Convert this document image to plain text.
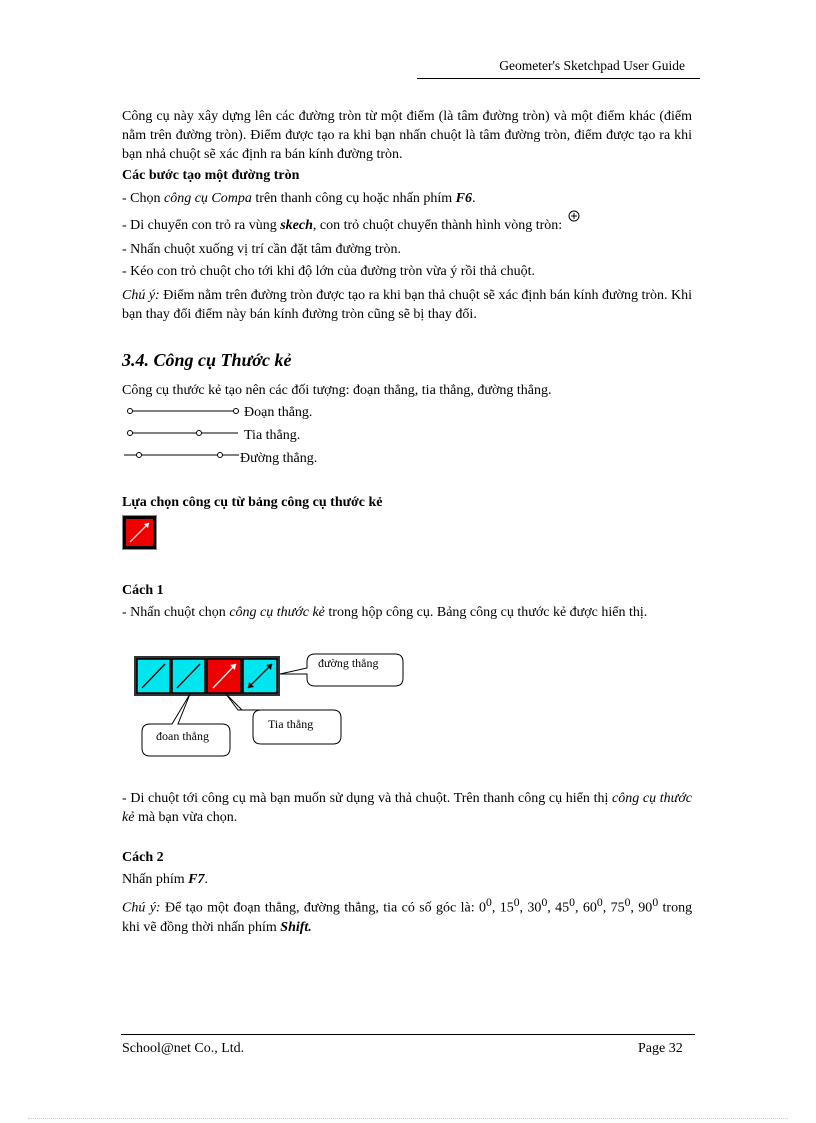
Geometer's Sketchpad User Guide
Công cụ này xây dựng lên các đường tròn từ một điểm (là tâm đường tròn) và một điểm khác (điểm nằm trên đường tròn). Điểm được tạo ra khi bạn nhấn chuột là tâm đường tròn, điểm được tạo ra khi bạn nhả chuột sẽ xác định ra bán kính đường tròn.
Các bước tạo một đường tròn
- Chọn công cụ Compa trên thanh công cụ hoặc nhấn phím F6.
- Di chuyển con trỏ ra vùng skech, con trỏ chuột chuyển thành hình vòng tròn:
- Nhấn chuột xuống vị trí cần đặt tâm đường tròn.
- Kéo con trỏ chuột cho tới khi độ lớn của đường tròn vừa ý rồi thả chuột.
Chú ý: Điểm nằm trên đường tròn được tạo ra khi bạn thả chuột sẽ xác định bán kính đường tròn. Khi bạn thay đổi điểm này bán kính đường tròn cũng sẽ bị thay đổi.
3.4. Công cụ Thước kẻ
Công cụ thước kẻ tạo nên các đối tượng: đoạn thẳng, tia thẳng, đường thẳng.
Đoạn thẳng.
Tia thẳng.
Đường thẳng.
Lựa chọn công cụ từ bảng công cụ thước kẻ
Cách 1
- Nhấn chuột chọn công cụ thước kẻ trong hộp công cụ. Bảng công cụ thước kẻ được hiển thị.
đường thẳng
Tia thẳng
đoan thẳng
- Di chuột tới công cụ mà bạn muốn sử dụng và thả chuột. Trên thanh công cụ hiển thị công cụ thước kẻ mà bạn vừa chọn.
Cách 2
Nhấn phím F7.
Chú ý: Để tạo một đoạn thẳng, đường thẳng, tia có số góc là: $0^0$, $15^0$, $30^0$, $45^0$, $60^0$, $75^0$, $90^0$ trong khi vẽ đồng thời nhấn phím Shift.
School@net Co., Ltd.	Page 32
